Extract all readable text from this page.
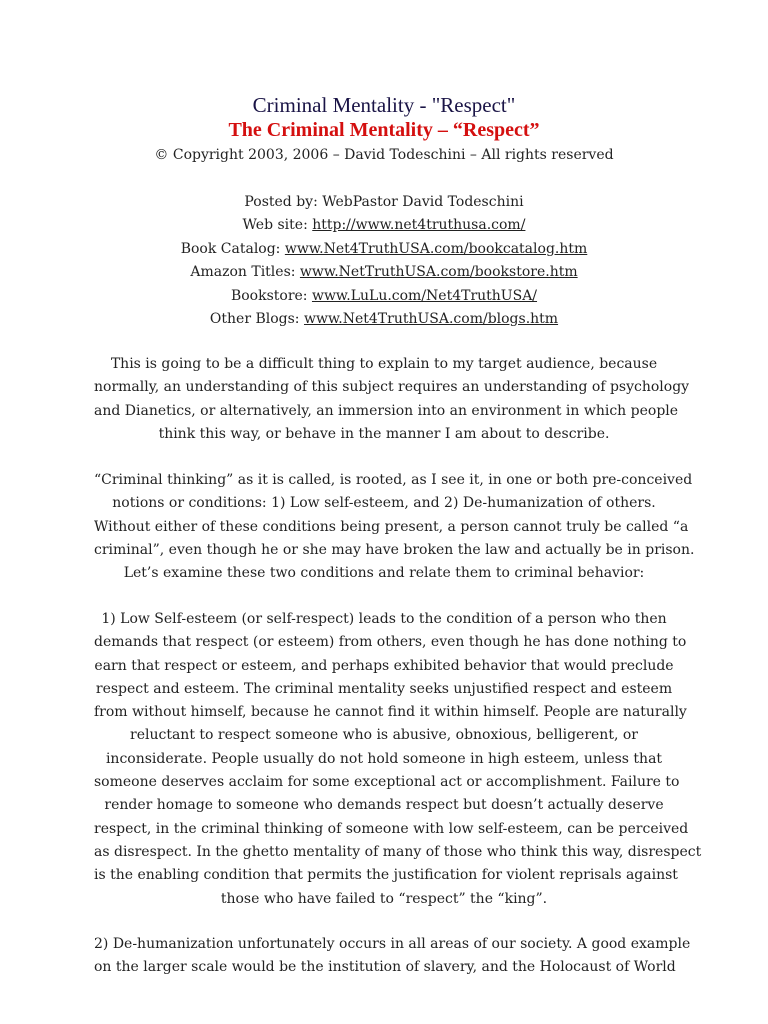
Criminal Mentality - "Respect"
The Criminal Mentality – “Respect”
© Copyright 2003, 2006 – David Todeschini – All rights reserved
Posted by: WebPastor David Todeschini
Web site: http://www.net4truthusa.com/
Book Catalog: www.Net4TruthUSA.com/bookcatalog.htm
Amazon Titles: www.NetTruthUSA.com/bookstore.htm
Bookstore: www.LuLu.com/Net4TruthUSA/
Other Blogs: www.Net4TruthUSA.com/blogs.htm

This is going to be a difficult thing to explain to my target audience, because
normally, an understanding of this subject requires an understanding of psychology
and Dianetics, or alternatively, an immersion into an environment in which people
think this way, or behave in the manner I am about to describe.

“Criminal thinking” as it is called, is rooted, as I see it, in one or both pre-conceived
notions or conditions: 1) Low self-esteem, and 2) De-humanization of others.
Without either of these conditions being present, a person cannot truly be called “a
criminal”, even though he or she may have broken the law and actually be in prison.
Let’s examine these two conditions and relate them to criminal behavior:

1) Low Self-esteem (or self-respect) leads to the condition of a person who then
demands that respect (or esteem) from others, even though he has done nothing to
earn that respect or esteem, and perhaps exhibited behavior that would preclude
respect and esteem. The criminal mentality seeks unjustified respect and esteem
from without himself, because he cannot find it within himself. People are naturally
reluctant to respect someone who is abusive, obnoxious, belligerent, or
inconsiderate. People usually do not hold someone in high esteem, unless that
someone deserves acclaim for some exceptional act or accomplishment. Failure to
render homage to someone who demands respect but doesn’t actually deserve
respect, in the criminal thinking of someone with low self-esteem, can be perceived
as disrespect. In the ghetto mentality of many of those who think this way, disrespect
is the enabling condition that permits the justification for violent reprisals against
those who have failed to “respect” the “king”.

2) De-humanization unfortunately occurs in all areas of our society. A good example
on the larger scale would be the institution of slavery, and the Holocaust of World
